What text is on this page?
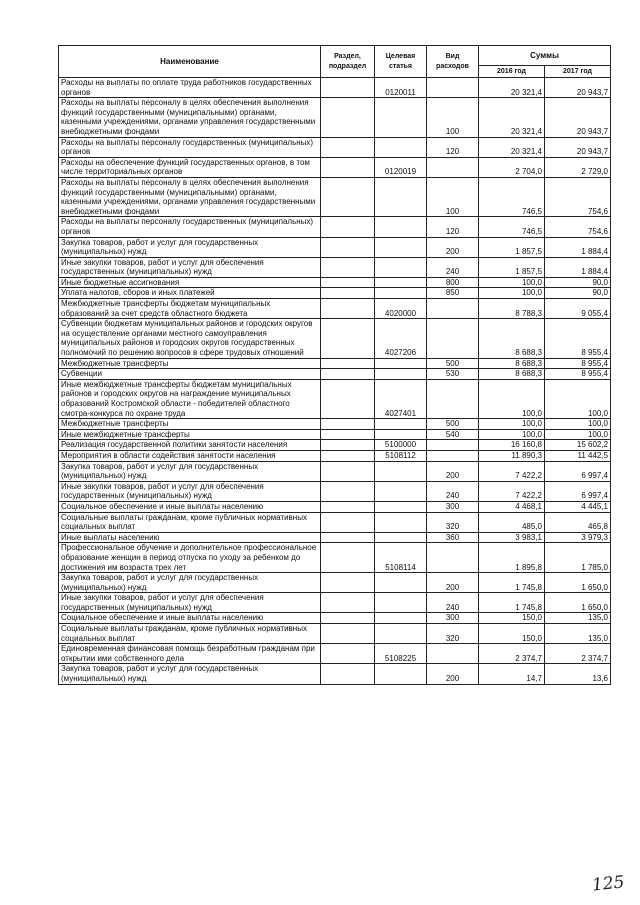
Наименование	Раздел, подраздел	Целевая статья	Вид расходов	Суммы	
				2016 год	2017 год
Расходы на выплаты по оплате труда работников государственных органов		0120011		20 321,4	20 943,7
Расходы на выплаты персоналу в целях обеспечения выполнения функций государственными (муниципальными) органами, казенными учреждениями, органами управления государственными внебюджетными фондами			100	20 321,4	20 943,7
Расходы на выплаты персоналу государственных (муниципальных) органов			120	20 321,4	20 943,7
Расходы на обеспечение функций государственных органов, в том числе территориальных органов		0120019		2 704,0	2 729,0
Расходы на выплаты персоналу в целях обеспечения выполнения функций государственными (муниципальными) органами, казенными учреждениями, органами управления государственными внебюджетными фондами			100	746,5	754,6
Расходы на выплаты персоналу государственных (муниципальных) органов			120	746,5	754,6
Закупка товаров, работ и услуг для государственных (муниципальных) нужд			200	1 857,5	1 884,4
Иные закупки товаров, работ и услуг для обеспечения государственных (муниципальных) нужд			240	1 857,5	1 884,4
Иные бюджетные ассигнования			800	100,0	90,0
Уплата налогов, сборов и иных платежей			850	100,0	90,0
Межбюджетные трансферты бюджетам муниципальных образований за счет средств областного бюджета		4020000		8 788,3	9 055,4
Субвенции бюджетам муниципальных районов и городских округов на осуществление органами местного самоуправления муниципальных районов и городских округов государственных полномочий по решению вопросов в сфере трудовых отношений		4027206		8 688,3	8 955,4
Межбюджетные трансферты			500	8 688,3	8 955,4
Субвенции			530	8 688,3	8 955,4
Иные межбюджетные трансферты бюджетам муниципальных районов и городских округов на награждение муниципальных образований Костромской области - победителей областного смотра-конкурса по охране труда		4027401		100,0	100,0
Межбюджетные трансферты			500	100,0	100,0
Иные межбюджетные трансферты			540	100,0	100,0
Реализация государственной политики занятости населения		5100000		16 160,8	15 602,2
Мероприятия в области содействия занятости населения		5108112		11 890,3	11 442,5
Закупка товаров, работ и услуг для государственных (муниципальных) нужд			200	7 422,2	6 997,4
Иные закупки товаров, работ и услуг для обеспечения государственных (муниципальных) нужд			240	7 422,2	6 997,4
Социальное обеспечение и иные выплаты населению			300	4 468,1	4 445,1
Социальные выплаты гражданам, кроме публичных нормативных социальных выплат			320	485,0	465,8
Иные выплаты населению			360	3 983,1	3 979,3
Профессиональное обучение и дополнительное профессиональное образование женщин в период отпуска по уходу за ребенком до достижения им возраста трех лет		5108114		1 895,8	1 785,0
Закупка товаров, работ и услуг для государственных (муниципальных) нужд			200	1 745,8	1 650,0
Иные закупки товаров, работ и услуг для обеспечения государственных (муниципальных) нужд			240	1 745,8	1 650,0
Социальное обеспечение и иные выплаты населению			300	150,0	135,0
Социальные выплаты гражданам, кроме публичных нормативных социальных выплат			320	150,0	135,0
Единовременная финансовая помощь безработным гражданам при открытии ими собственного дела		5108225		2 374,7	2 374,7
Закупка товаров, работ и услуг для государственных (муниципальных) нужд			200	14,7	13,6
125
